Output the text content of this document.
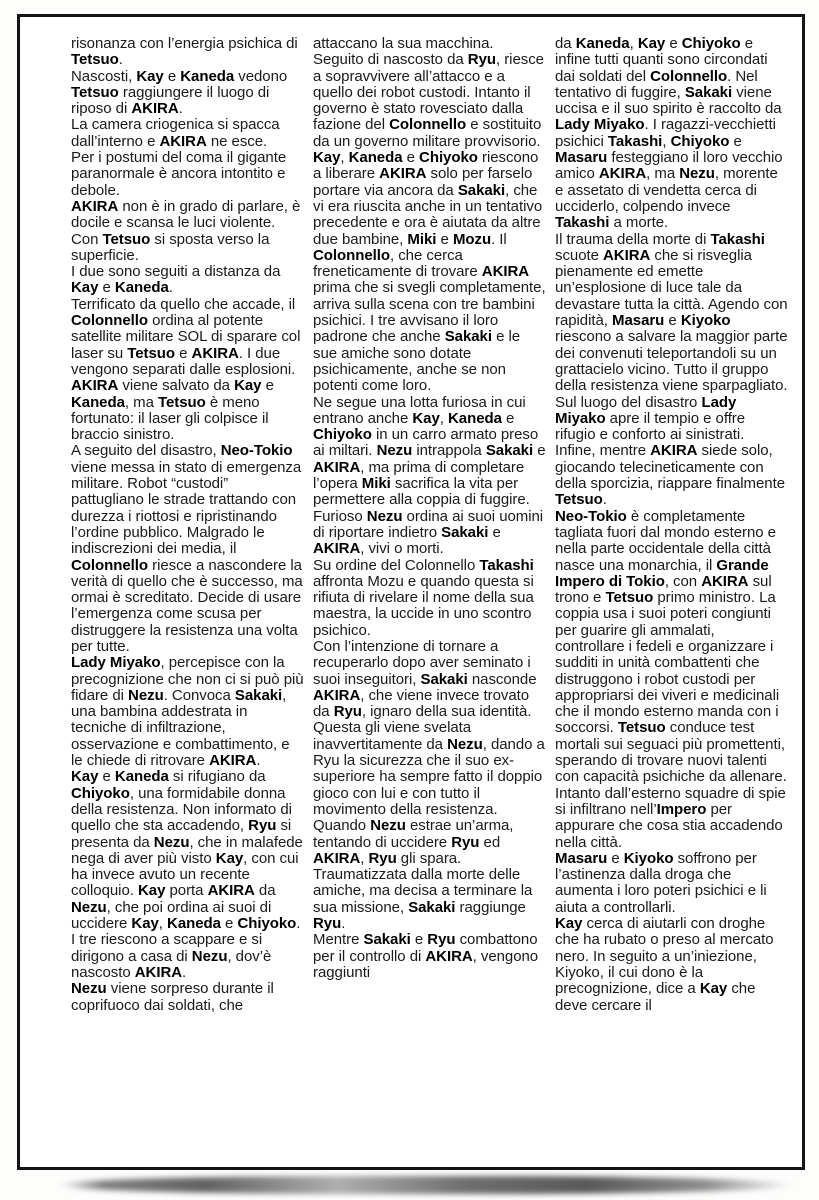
risonanza con l’energia psichica di Tetsuo.

Nascosti, Kay e Kaneda vedono Tetsuo raggiungere il luogo di riposo di AKIRA.

La camera criogenica si spacca dall’interno e AKIRA ne esce.

Per i postumi del coma il gigante paranormale è ancora intontito e debole.

AKIRA non è in grado di parlare, è docile e scansa le luci violente. Con Tetsuo si sposta verso la superficie.

I due sono seguiti a distanza da Kay e Kaneda.

Terrificato da quello che accade, il Colonnello ordina al potente satellite militare SOL di sparare col laser su Tetsuo e AKIRA. I due vengono separati dalle esplosioni. AKIRA viene salvato da Kay e Kaneda, ma Tetsuo è meno fortunato: il laser gli colpisce il braccio sinistro.

A seguito del disastro, Neo-Tokio viene messa in stato di emergenza militare. Robot “custodi” pattugliano le strade trattando con durezza i riottosi e ripristinando l’ordine pubblico. Malgrado le indiscrezioni dei media, il Colonnello riesce a nascondere la verità di quello che è successo, ma ormai è screditato. Decide di usare l’emergenza come scusa per distruggere la resistenza una volta per tutte.

Lady Miyako, percepisce con la precognizione che non ci si può più fidare di Nezu. Convoca Sakaki, una bambina addestrata in tecniche di infiltrazione, osservazione e combattimento, e le chiede di ritrovare AKIRA.

Kay e Kaneda si rifugiano da Chiyoko, una formidabile donna della resistenza. Non informato di quello che sta accadendo, Ryu si presenta da Nezu, che in malafede nega di aver più visto Kay, con cui ha invece avuto un recente colloquio. Kay porta AKIRA da Nezu, che poi ordina ai suoi di uccidere Kay, Kaneda e Chiyoko. I tre riescono a scappare e si dirigono a casa di Nezu, dov’è nascosto AKIRA.

Nezu viene sorpreso durante il coprifuoco dai soldati, che

attaccano la sua macchina. Seguito di nascosto da Ryu, riesce a sopravvivere all’attacco e a quello dei robot custodi. Intanto il governo è stato rovesciato dalla fazione del Colonnello e sostituito da un governo militare provvisorio.

Kay, Kaneda e Chiyoko riescono a liberare AKIRA solo per farselo portare via ancora da Sakaki, che vi era riuscita anche in un tentativo precedente e ora è aiutata da altre due bambine, Miki e Mozu. Il Colonnello, che cerca freneticamente di trovare AKIRA prima che si svegli completamente, arriva sulla scena con tre bambini psichici. I tre avvisano il loro padrone che anche Sakaki e le sue amiche sono dotate psichicamente, anche se non potenti come loro.

Ne segue una lotta furiosa in cui entrano anche Kay, Kaneda e Chiyoko in un carro armato preso ai miltari. Nezu intrappola Sakaki e AKIRA, ma prima di completare l’opera Miki sacrifica la vita per permettere alla coppia di fuggire. Furioso Nezu ordina ai suoi uomini di riportare indietro Sakaki e AKIRA, vivi o morti.

Su ordine del Colonnello Takashi affronta Mozu e quando questa si rifiuta di rivelare il nome della sua maestra, la uccide in uno scontro psichico.

Con l’intenzione di tornare a recuperarlo dopo aver seminato i suoi inseguitori, Sakaki nasconde AKIRA, che viene invece trovato da Ryu, ignaro della sua identità. Questa gli viene svelata inavvertitamente da Nezu, dando a Ryu la sicurezza che il suo ex-superiore ha sempre fatto il doppio gioco con lui e con tutto il movimento della resistenza. Quando Nezu estrae un’arma, tentando di uccidere Ryu ed AKIRA, Ryu gli spara.

Traumatizzata dalla morte delle amiche, ma decisa a terminare la sua missione, Sakaki raggiunge Ryu.

Mentre Sakaki e Ryu combattono per il controllo di AKIRA, vengono raggiunti

da Kaneda, Kay e Chiyoko e infine tutti quanti sono circondati dai soldati del Colonnello. Nel tentativo di fuggire, Sakaki viene uccisa e il suo spirito è raccolto da Lady Miyako. I ragazzi-vecchietti psichici Takashi, Chiyoko e Masaru festeggiano il loro vecchio amico AKIRA, ma Nezu, morente e assetato di vendetta cerca di ucciderlo, colpendo invece Takashi a morte.

Il trauma della morte di Takashi scuote AKIRA che si risveglia pienamente ed emette un’esplosione di luce tale da devastare tutta la città. Agendo con rapidità, Masaru e Kiyoko riescono a salvare la maggior parte dei convenuti teleportandoli su un grattacielo vicino. Tutto il gruppo della resistenza viene sparpagliato. Sul luogo del disastro Lady Miyako apre il tempio e offre rifugio e conforto ai sinistrati.

Infine, mentre AKIRA siede solo, giocando telecineticamente con della sporcizia, riappare finalmente Tetsuo.

Neo-Tokio è completamente tagliata fuori dal mondo esterno e nella parte occidentale della città nasce una monarchia, il Grande Impero di Tokio, con AKIRA sul trono e Tetsuo primo ministro. La coppia usa i suoi poteri congiunti per guarire gli ammalati, controllare i fedeli e organizzare i sudditi in unità combattenti che distruggono i robot custodi per appropriarsi dei viveri e medicinali che il mondo esterno manda con i soccorsi. Tetsuo conduce test mortali sui seguaci più promettenti, sperando di trovare nuovi talenti con capacità psichiche da allenare. Intanto dall’esterno squadre di spie si infiltrano nell’Impero per appurare che cosa stia accadendo nella città.

Masaru e Kiyoko soffrono per l’astinenza dalla droga che aumenta i loro poteri psichici e li aiuta a controllarli.

Kay cerca di aiutarli con droghe che ha rubato o preso al mercato nero. In seguito a un’iniezione, Kiyoko, il cui dono è la precognizione, dice a Kay che deve cercare il
